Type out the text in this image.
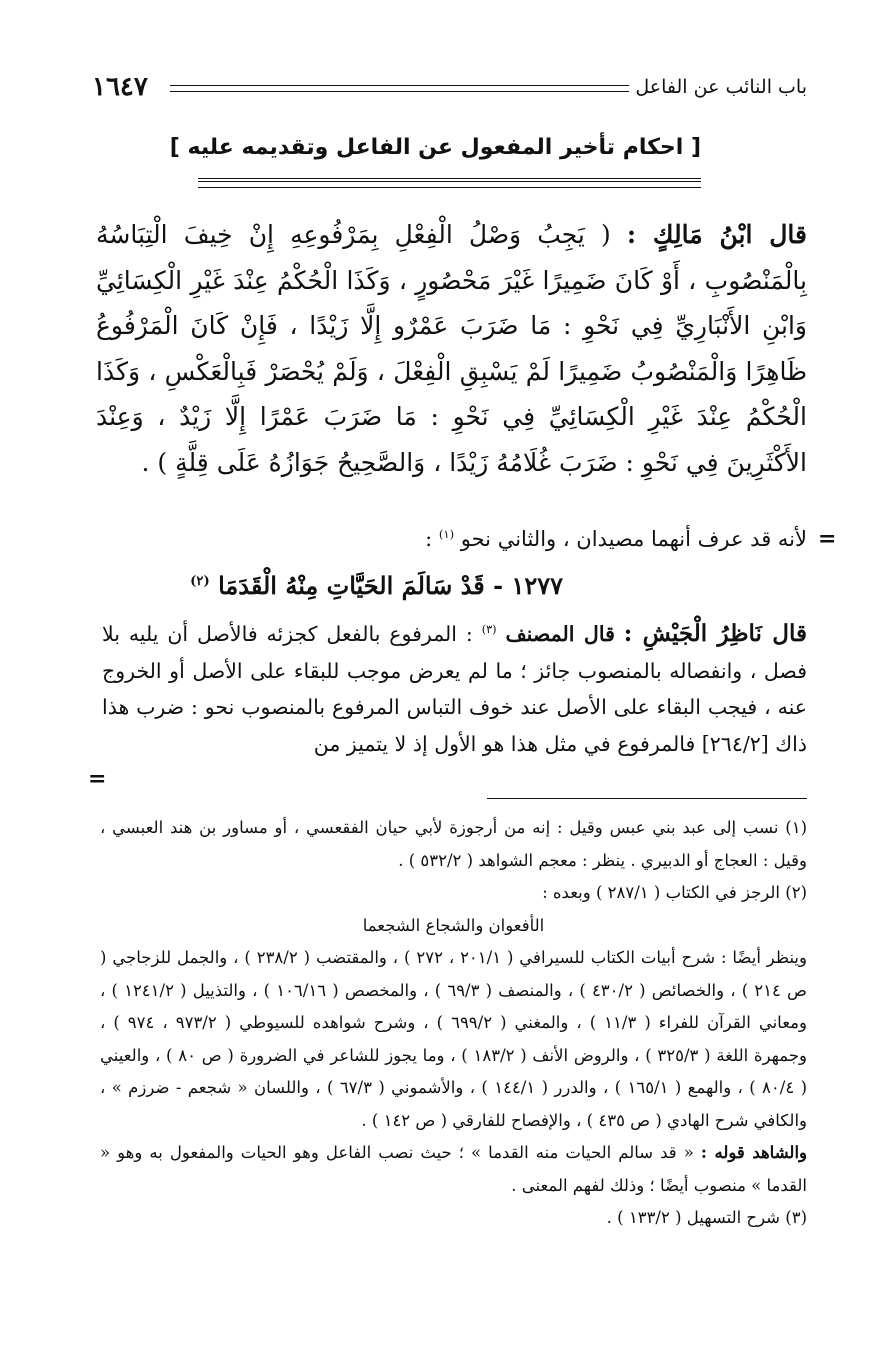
باب النائب عن الفاعل
١٦٤٧
[ احكام تأخير المفعول عن الفاعل وتقديمه عليه ]
قال ابْنُ مَالِكٍ : ( يَجِبُ وَصْلُ الْفِعْلِ بِمَرْفُوعِهِ إِنْ خِيفَ الْتِبَاسُهُ بِالْمَنْصُوبِ ، أَوْ كَانَ ضَمِيرًا غَيْرَ مَحْصُورٍ ، وَكَذَا الْحُكْمُ عِنْدَ غَيْرِ الْكِسَائِيِّ وَابْنِ الأَنْبَارِيِّ فِي نَحْوِ : مَا ضَرَبَ عَمْرٌو إِلَّا زَيْدًا ، فَإِنْ كَانَ الْمَرْفُوعُ ظَاهِرًا وَالْمَنْصُوبُ ضَمِيرًا لَمْ يَسْبِقِ الْفِعْلَ ، وَلَمْ يُحْصَرْ فَبِالْعَكْسِ ، وَكَذَا الْحُكْمُ عِنْدَ غَيْرِ الْكِسَائِيِّ فِي نَحْوِ : مَا ضَرَبَ عَمْرًا إِلَّا زَيْدٌ ، وَعِنْدَ الأَكْثَرِينَ فِي نَحْوِ : ضَرَبَ غُلَامُهُ زَيْدًا ، وَالصَّحِيحُ جَوَازُهُ عَلَى قِلَّةٍ ) .
=
لأنه قد عرف أنهما مصيدان ، والثاني نحو $^{(١)}$ :
١٢٧٧ - قَدْ سَالَمَ الحَيَّاتِ مِنْهُ الْقَدَمَا $^{(٢)}$
قال نَاظِرُ الْجَيْشِ : قال المصنف $^{(٣)}$ : المرفوع بالفعل كجزئه فالأصل أن يليه بلا فصل ، وانفصاله بالمنصوب جائز ؛ ما لم يعرض موجب للبقاء على الأصل أو الخروج عنه ، فيجب البقاء على الأصل عند خوف التباس المرفوع بالمنصوب نحو : ضرب هذا ذاك [٢٦٤/٢] فالمرفوع في مثل هذا هو الأول إذ لا يتميز من
=

(١) نسب إلى عبد بني عبس وقيل : إنه من أرجوزة لأبي حيان الفقعسي ، أو مساور بن هند العبسي ، وقيل : العجاج أو الدبيري . ينظر : معجم الشواهد ( ٥٣٢/٢ ) .

(٢) الرجز في الكتاب ( ٢٨٧/١ ) وبعده :

الأفعوان والشجاع الشجعما

وينظر أيضًا : شرح أبيات الكتاب للسيرافي ( ٢٠١/١ ، ٢٧٢ ) ، والمقتضب ( ٢٣٨/٢ ) ، والجمل للزجاجي ( ص ٢١٤ ) ، والخصائص ( ٤٣٠/٢ ) ، والمنصف ( ٦٩/٣ ) ، والمخصص ( ١٠٦/١٦ ) ، والتذييل ( ١٢٤١/٢ ) ، ومعاني القرآن للفراء ( ١١/٣ ) ، والمغني ( ٦٩٩/٢ ) ، وشرح شواهده للسيوطي ( ٩٧٣/٢ ، ٩٧٤ ) ، وجمهرة اللغة ( ٣٢٥/٣ ) ، والروض الأنف ( ١٨٣/٢ ) ، وما يجوز للشاعر في الضرورة ( ص ٨٠ ) ، والعيني ( ٨٠/٤ ) ، والهمع ( ١٦٥/١ ) ، والدرر ( ١٤٤/١ ) ، والأشموني ( ٦٧/٣ ) ، واللسان « شجعم - ضرزم » ، والكافي شرح الهادي ( ص ٤٣٥ ) ، والإفصاح للفارقي ( ص ١٤٢ ) .

والشاهد قوله : « قد سالم الحيات منه القدما » ؛ حيث نصب الفاعل وهو الحيات والمفعول به وهو « القدما » منصوب أيضًا ؛ وذلك لفهم المعنى .

(٣) شرح التسهيل ( ١٣٣/٢ ) .
